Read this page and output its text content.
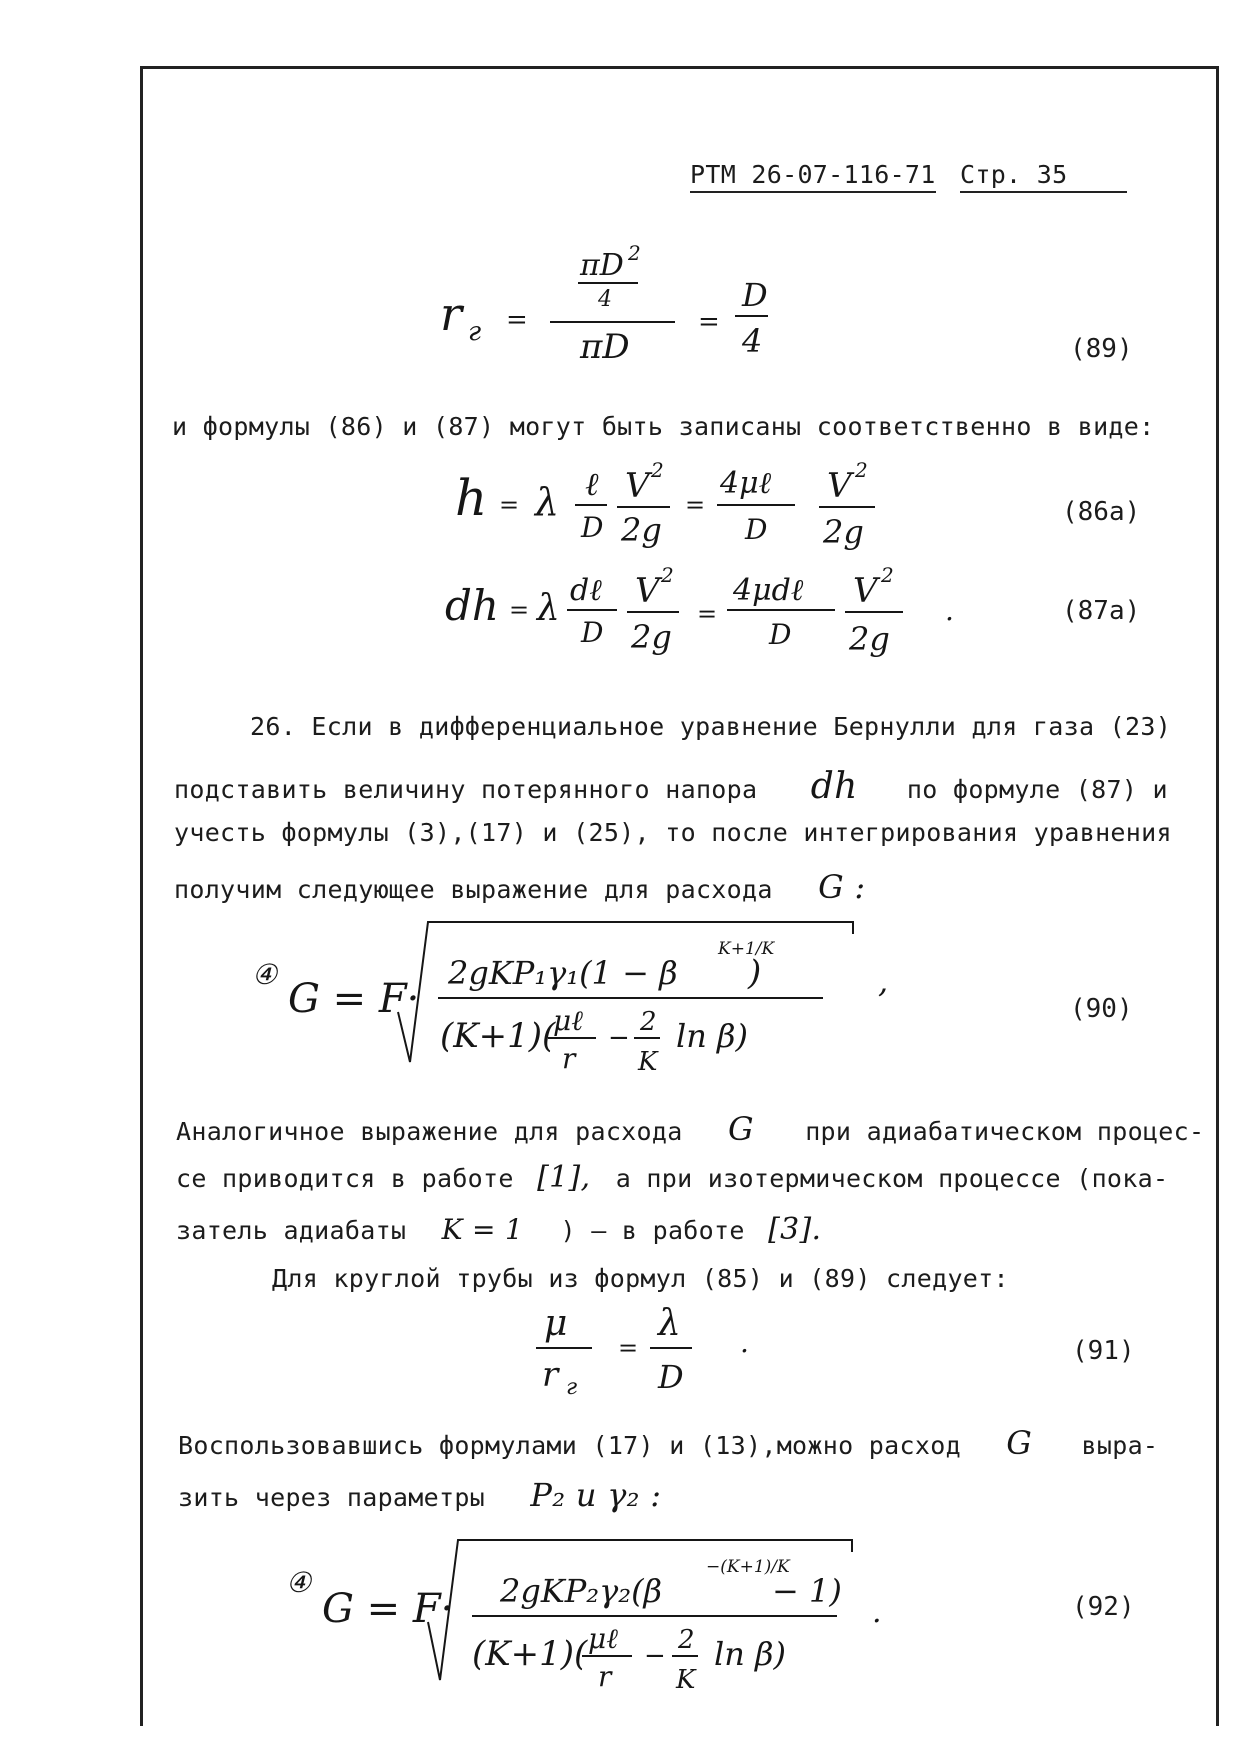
РТМ 26-07-116-71 Стр. 35
r г =
πD 2
4
πD
=
D
4	(89)
и формулы (86) и (87) могут быть записаны соответственно в виде:
h = λ ℓ
D
V 2
2g
=
4μℓ
D
V 2
2g
(86a)
dh = λ dℓ
D
V 2
2g
=
4μdℓ
D
V 2
2g
.	(87a)
26. Если в дифференциальное уравнение Бернулли для газа (23)
подставить величину потерянного напора dh по формуле (87) и
учесть формулы (3),(17) и (25), то после интегрирования уравнения
получим следующее выражение для расхода G :
④
G = F·
2gKP₁γ₁(1 − β
K+1/K
)
(K+1)(
μℓ
r
−
2
K
ln β)
,
(90)
Аналогичное выражение для расхода G при адиабатическом процес-
се приводится в работе [1], а при изотермическом процессе (пока-
затель адиабаты K = 1 ) — в работе [3].
Для круглой трубы из формул (85) и (89) следует:
μ
r г
=
λ
D
.	(91)
Воспользовавшись формулами (17) и (13),можно расход G выра-
зить через параметры P₂ и γ₂ :
④
G = F· 2gKP₂γ₂(β
−(K+1)/K
− 1)
(K+1)( μℓ
r
−
2
K
ln β)
.	(92)
